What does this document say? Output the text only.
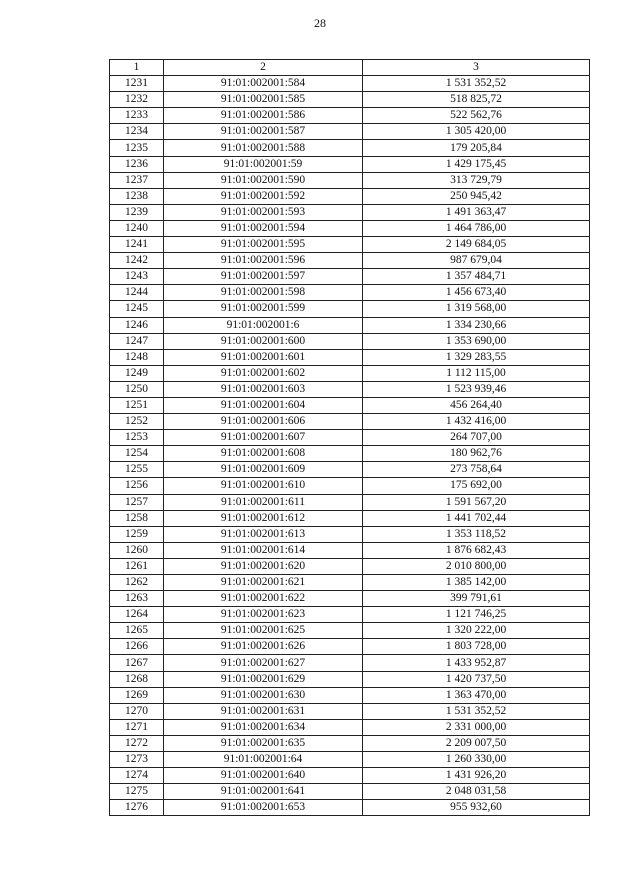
28
1	2	3
1231	91:01:002001:584	1 531 352,52
1232	91:01:002001:585	518 825,72
1233	91:01:002001:586	522 562,76
1234	91:01:002001:587	1 305 420,00
1235	91:01:002001:588	179 205,84
1236	91:01:002001:59	1 429 175,45
1237	91:01:002001:590	313 729,79
1238	91:01:002001:592	250 945,42
1239	91:01:002001:593	1 491 363,47
1240	91:01:002001:594	1 464 786,00
1241	91:01:002001:595	2 149 684,05
1242	91:01:002001:596	987 679,04
1243	91:01:002001:597	1 357 484,71
1244	91:01:002001:598	1 456 673,40
1245	91:01:002001:599	1 319 568,00
1246	91:01:002001:6	1 334 230,66
1247	91:01:002001:600	1 353 690,00
1248	91:01:002001:601	1 329 283,55
1249	91:01:002001:602	1 112 115,00
1250	91:01:002001:603	1 523 939,46
1251	91:01:002001:604	456 264,40
1252	91:01:002001:606	1 432 416,00
1253	91:01:002001:607	264 707,00
1254	91:01:002001:608	180 962,76
1255	91:01:002001:609	273 758,64
1256	91:01:002001:610	175 692,00
1257	91:01:002001:611	1 591 567,20
1258	91:01:002001:612	1 441 702,44
1259	91:01:002001:613	1 353 118,52
1260	91:01:002001:614	1 876 682,43
1261	91:01:002001:620	2 010 800,00
1262	91:01:002001:621	1 385 142,00
1263	91:01:002001:622	399 791,61
1264	91:01:002001:623	1 121 746,25
1265	91:01:002001:625	1 320 222,00
1266	91:01:002001:626	1 803 728,00
1267	91:01:002001:627	1 433 952,87
1268	91:01:002001:629	1 420 737,50
1269	91:01:002001:630	1 363 470,00
1270	91:01:002001:631	1 531 352,52
1271	91:01:002001:634	2 331 000,00
1272	91:01:002001:635	2 209 007,50
1273	91:01:002001:64	1 260 330,00
1274	91:01:002001:640	1 431 926,20
1275	91:01:002001:641	2 048 031,58
1276	91:01:002001:653	955 932,60
